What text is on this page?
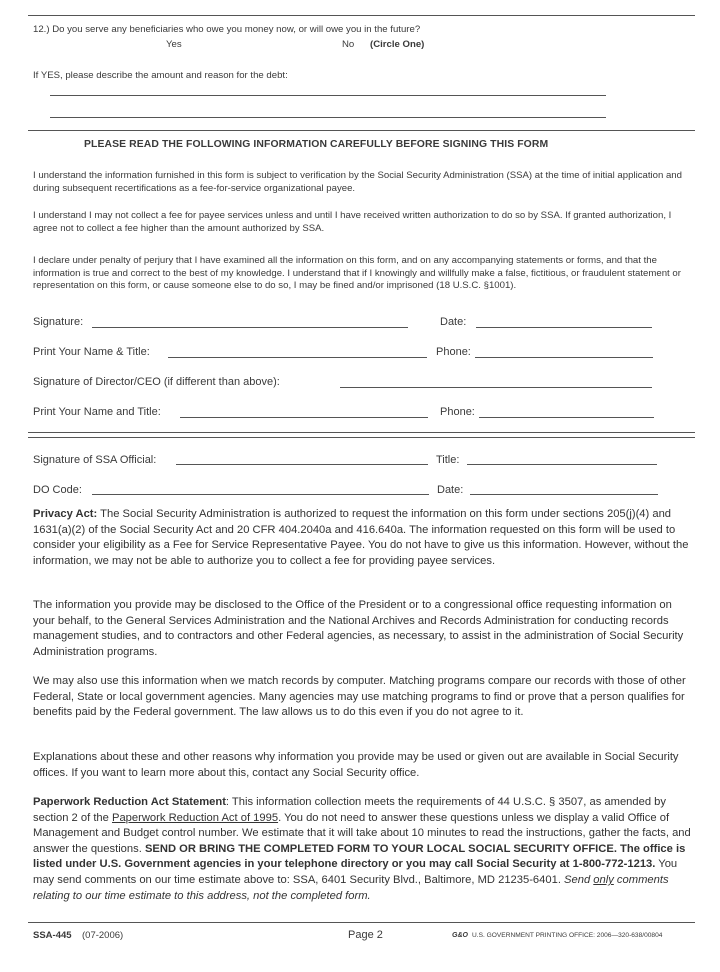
12.) Do you serve any beneficiaries who owe you money now, or will owe you in the future?
Yes	No (Circle One)
If YES, please describe the amount and reason for the debt:
PLEASE READ THE FOLLOWING INFORMATION CAREFULLY BEFORE SIGNING THIS FORM
I understand the information furnished in this form is subject to verification by the Social Security Administration (SSA) at the time of initial application and during subsequent recertifications as a fee-for-service organizational payee.
I understand I may not collect a fee for payee services unless and until I have received written authorization to do so by SSA. If granted authorization, I agree not to collect a fee higher than the amount authorized by SSA.
I declare under penalty of perjury that I have examined all the information on this form, and on any accompanying statements or forms, and that the information is true and correct to the best of my knowledge. I understand that if I knowingly and willfully make a false, fictitious, or fraudulent statement or representation on this form, or cause someone else to do so, I may be fined and/or imprisoned (18 U.S.C. §1001).
Signature:	Date:
Print Your Name & Title:	Phone:
Signature of Director/CEO (if different than above):
Print Your Name and Title:	Phone:
Signature of SSA Official:	Title:
DO Code:	Date:
Privacy Act: The Social Security Administration is authorized to request the information on this form under sections 205(j)(4) and 1631(a)(2) of the Social Security Act and 20 CFR 404.2040a and 416.640a. The information requested on this form will be used to consider your eligibility as a Fee for Service Representative Payee. You do not have to give us this information. However, without the information, we may not be able to authorize you to collect a fee for providing payee services.
The information you provide may be disclosed to the Office of the President or to a congressional office requesting information on your behalf, to the General Services Administration and the National Archives and Records Administration for conducting records management studies, and to contractors and other Federal agencies, as necessary, to assist in the administration of Social Security Administration programs.
We may also use this information when we match records by computer. Matching programs compare our records with those of other Federal, State or local government agencies. Many agencies may use matching programs to find or prove that a person qualifies for benefits paid by the Federal government. The law allows us to do this even if you do not agree to it.
Explanations about these and other reasons why information you provide may be used or given out are available in Social Security offices. If you want to learn more about this, contact any Social Security office.
Paperwork Reduction Act Statement: This information collection meets the requirements of 44 U.S.C. § 3507, as amended by section 2 of the Paperwork Reduction Act of 1995. You do not need to answer these questions unless we display a valid Office of Management and Budget control number. We estimate that it will take about 10 minutes to read the instructions, gather the facts, and answer the questions. SEND OR BRING THE COMPLETED FORM TO YOUR LOCAL SOCIAL SECURITY OFFICE. The office is listed under U.S. Government agencies in your telephone directory or you may call Social Security at 1-800-772-1213. You may send comments on our time estimate above to: SSA, 6401 Security Blvd., Baltimore, MD 21235-6401. Send only comments relating to our time estimate to this address, not the completed form.
SSA-445 (07-2006)	Page 2	G&O U.S. GOVERNMENT PRINTING OFFICE: 2006—320-638/00804
